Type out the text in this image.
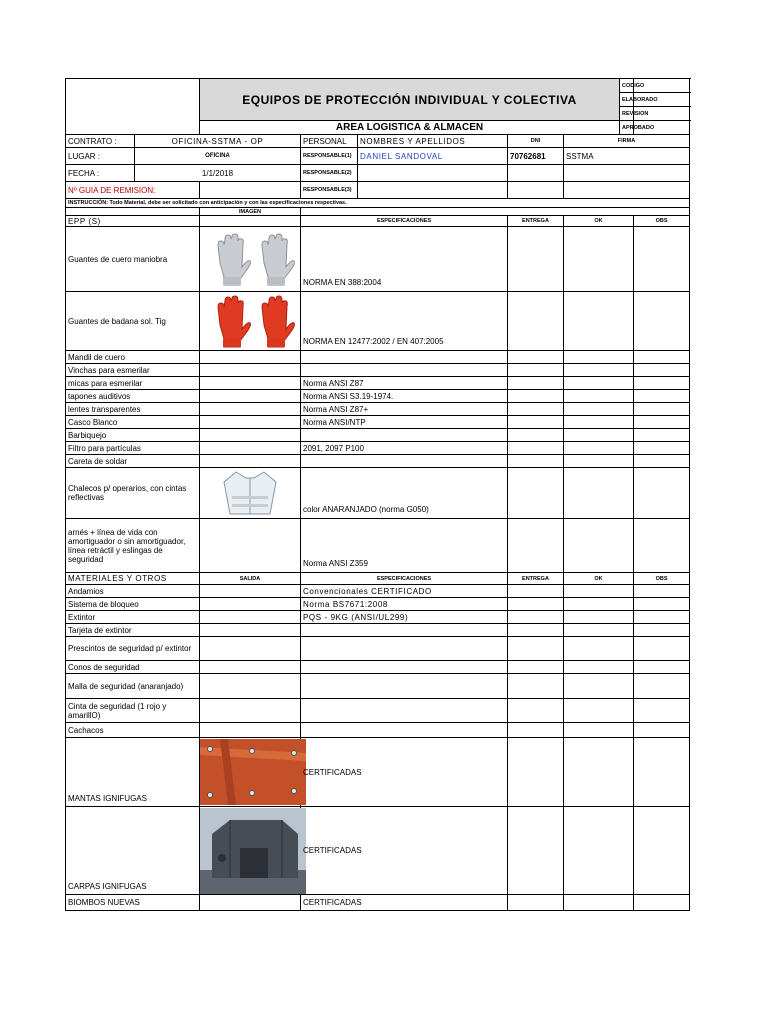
		EQUIPOS DE PROTECCIÓN INDIVIDUAL Y COLECTIVA					CODIGO	
							ELABORADO	
							REVISION	
		AREA LOGISTICA & ALMACEN					APROBADO	
CONTRATO :	OFICINA-SSTMA - OP		PERSONAL	NOMBRES Y APELLIDOS	DNI	FIRMA		
LUGAR :	OFICINA		RESPONSABLE(1)	DANIEL SANDOVAL	70762681	SSTMA		
FECHA :	1/1/2018		RESPONSABLE(2)					
Nº GUIA DE REMISION:			RESPONSABLE(3)					
INSTRUCCIÓN: Todo Material, debe ser solicitado con anticipación y con las especificaciones respectivas.								
		IMAGEN						
EPP (S)			ESPECIFICACIONES		ENTREGA	OK		OBS
Guantes de cuero maniobra			NORMA EN 388:2004					
Guantes de badana sol. Tig			NORMA EN 12477:2002 / EN 407:2005					
Mandil de cuero								
Vinchas para esmerilar								
micas para esmerilar			Norma ANSI Z87					
tapones auditivos			Norma ANSI S3.19-1974.					
lentes transparentes			Norma ANSI Z87+					
Casco Blanco			Norma ANSI/NTP					
Barbiquejo								
Filtro para partículas			2091, 2097 P100					
Careta de soldar								
Chalecos p/ operarios, con cintas reflectivas			color ANARANJADO (norma G050)					
arnés + línea de vida con amortiguador o sin amortiguador, línea retráctil y eslingas de seguridad			Norma ANSI Z359					
MATERIALES Y OTROS		SALIDA	ESPECIFICACIONES		ENTREGA	OK		OBS
Andamios			Convencionales CERTIFICADO					
Sistema de bloqueo			Norma BS7671:2008					
Extintor			PQS - 9KG (ANSI/UL299)					
Tarjeta de extintor								
Prescintos de seguridad p/ extintor								
Conos de seguridad								
Malla de seguridad (anaranjado)								
Cinta de seguridad (1 rojo y amarillO)								
Cachacos								
MANTAS IGNIFUGAS			CERTIFICADAS					
CARPAS IGNIFUGAS			CERTIFICADAS					
BIOMBOS NUEVAS			CERTIFICADAS					
